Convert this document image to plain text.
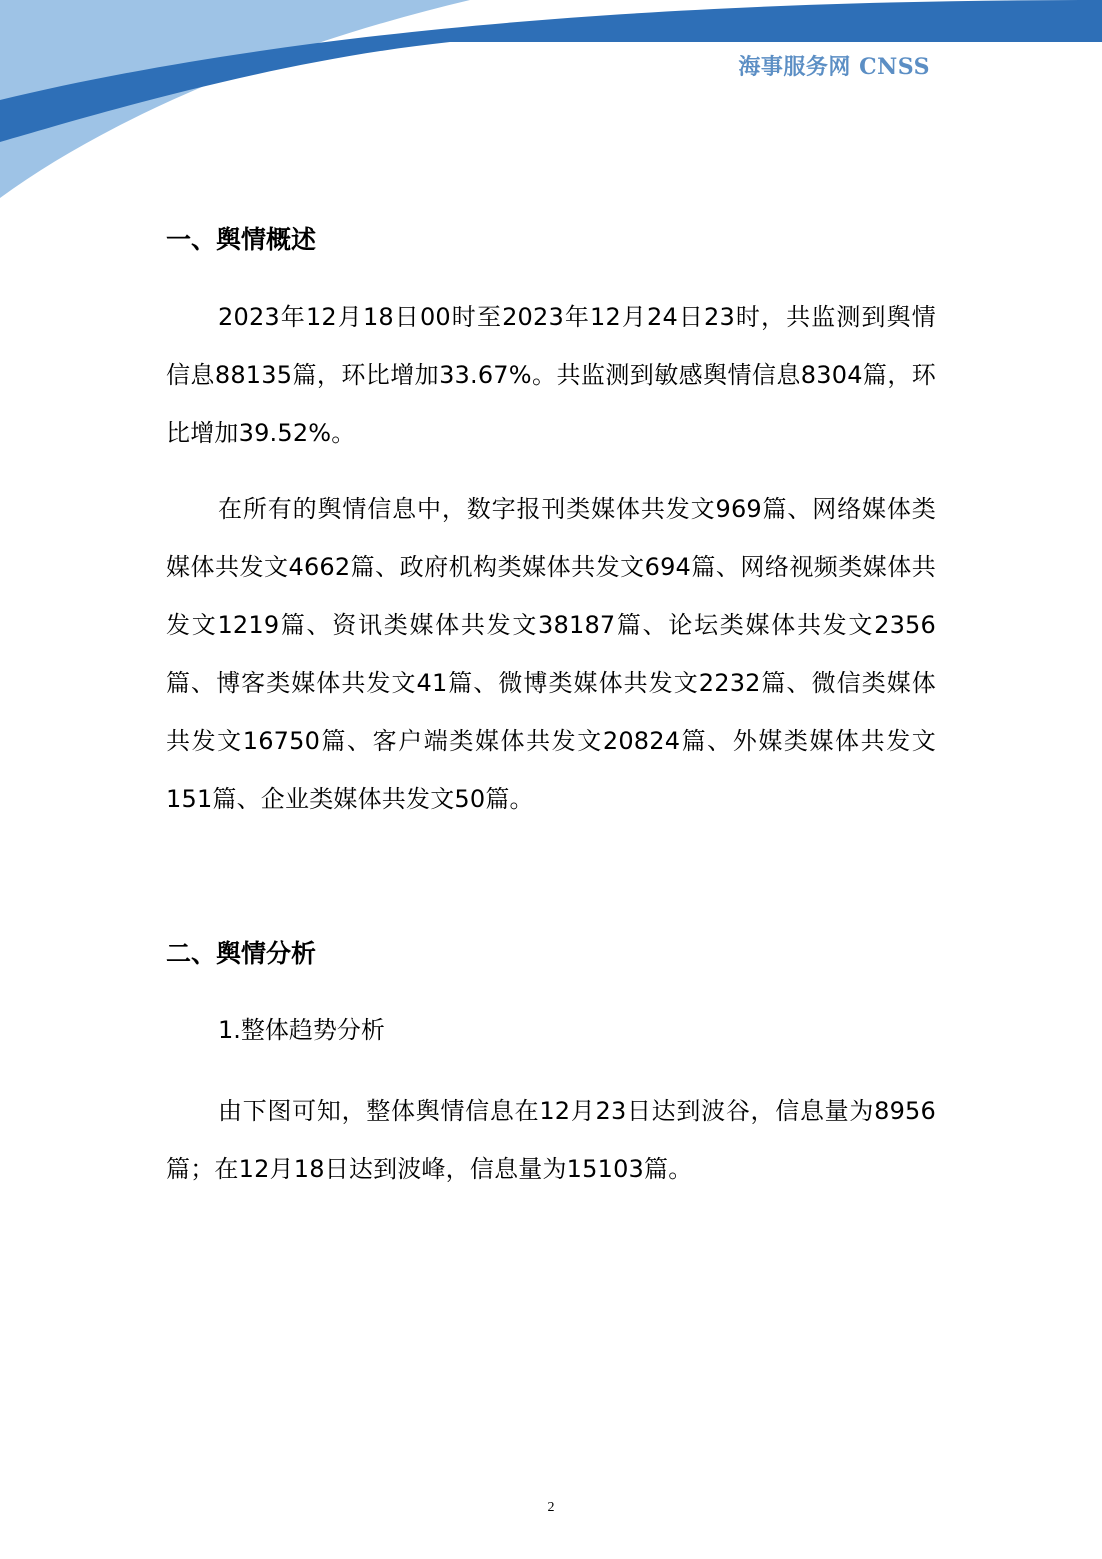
海事服务网 CNSS
一、舆情概述

2023年12月18日00时至2023年12月24日23时，共监测到舆情信息88135篇，环比增加33.67%。共监测到敏感舆情信息8304篇，环比增加39.52%。

在所有的舆情信息中，数字报刊类媒体共发文969篇、网络媒体类媒体共发文4662篇、政府机构类媒体共发文694篇、网络视频类媒体共发文1219篇、资讯类媒体共发文38187篇、论坛类媒体共发文2356篇、博客类媒体共发文41篇、微博类媒体共发文2232篇、微信类媒体共发文16750篇、客户端类媒体共发文20824篇、外媒类媒体共发文151篇、企业类媒体共发文50篇。

二、舆情分析

1.整体趋势分析

由下图可知，整体舆情信息在12月23日达到波谷，信息量为8956篇；在12月18日达到波峰，信息量为15103篇。

2
